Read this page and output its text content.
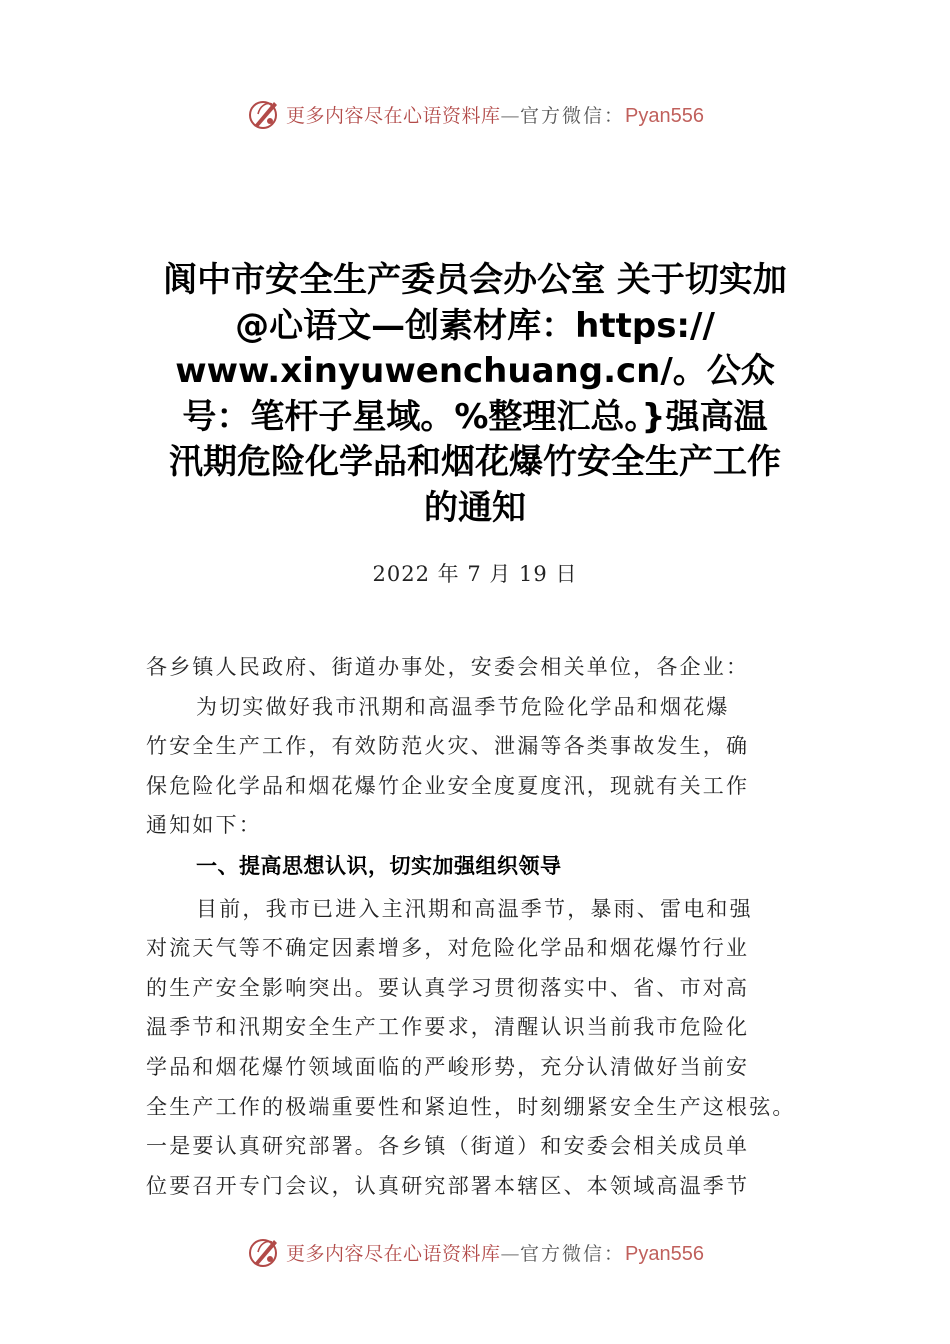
更多内容尽在心语资料库—官方微信：Pyan556
阆中市安全生产委员会办公室 关于切实加
@心语文—创素材库：https://
www.xinyuwenchuang.cn/。公众
号：笔杆子星域。%整理汇总。}强高温
汛期危险化学品和烟花爆竹安全生产工作
的通知
2022 年 7 月 19 日

各乡镇人民政府、街道办事处，安委会相关单位，各企业：

为切实做好我市汛期和高温季节危险化学品和烟花爆

竹安全生产工作，有效防范火灾、泄漏等各类事故发生，确

保危险化学品和烟花爆竹企业安全度夏度汛，现就有关工作

通知如下：

一、提高思想认识，切实加强组织领导

目前，我市已进入主汛期和高温季节，暴雨、雷电和强

对流天气等不确定因素增多，对危险化学品和烟花爆竹行业

的生产安全影响突出。要认真学习贯彻落实中、省、市对高

温季节和汛期安全生产工作要求，清醒认识当前我市危险化

学品和烟花爆竹领域面临的严峻形势，充分认清做好当前安

全生产工作的极端重要性和紧迫性，时刻绷紧安全生产这根弦。

一是要认真研究部署。各乡镇（街道）和安委会相关成员单

位要召开专门会议，认真研究部署本辖区、本领域高温季节

更多内容尽在心语资料库—官方微信：Pyan556
